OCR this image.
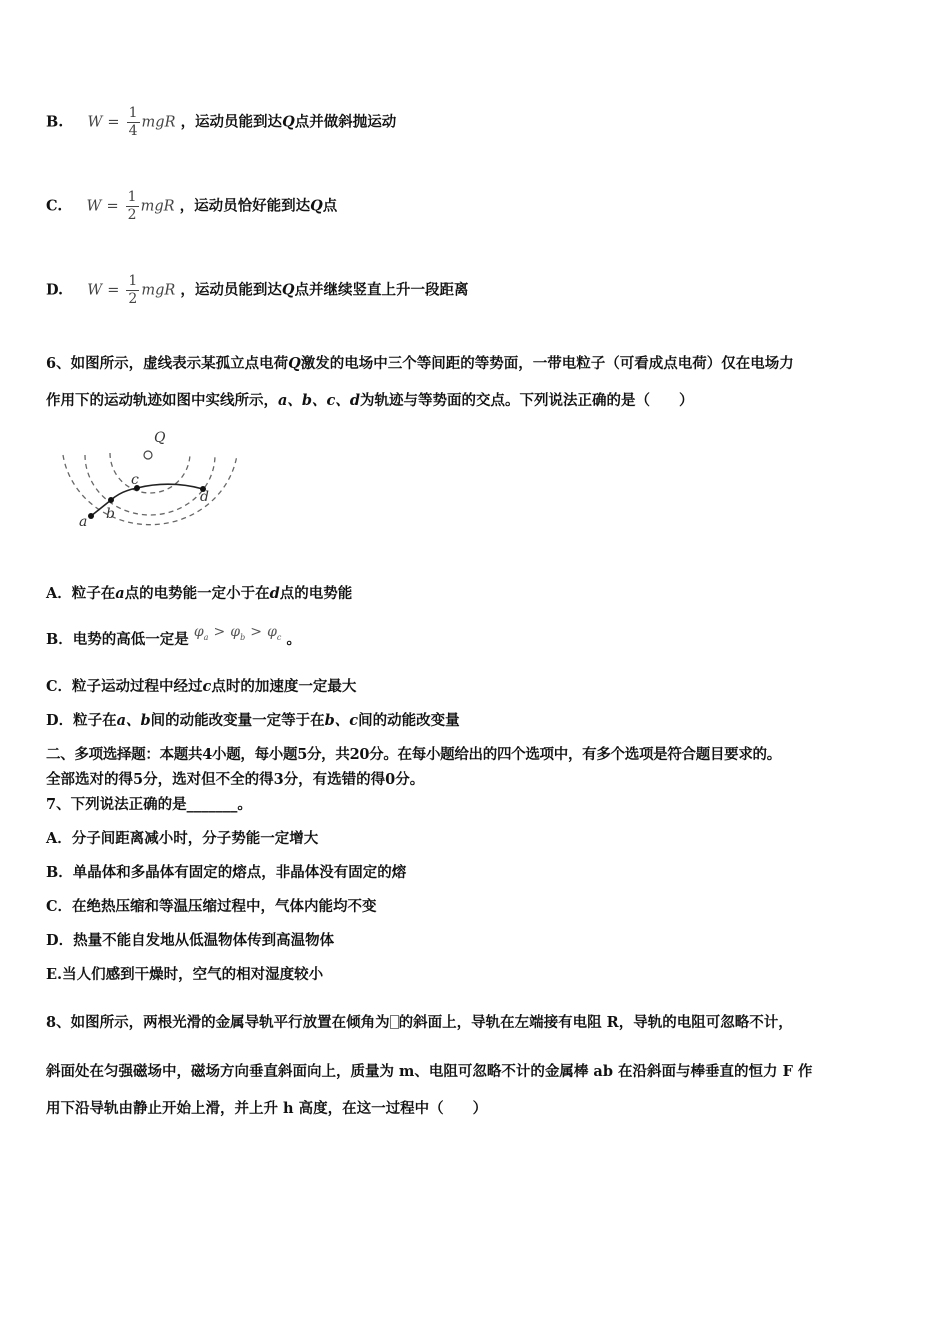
B. $W = \frac{1}{4}$ mgR ，运动员能到达Q点并做斜抛运动
C. $W = \frac{1}{2}$ mgR ，运动员恰好能到达Q点
D. $W = \frac{1}{2}$ mgR ，运动员能到达Q点并继续竖直上升一段距离
6、如图所示，虚线表示某孤立点电荷Q激发的电场中三个等间距的等势面，一带电粒子（可看成点电荷）仅在电场力
作用下的运动轨迹如图中实线所示，a、b、c、d为轨迹与等势面的交点。下列说法正确的是（　　）
Q
a b
c
d
A．粒子在a点的电势能一定小于在d点的电势能
B．电势的高低一定是 $\varphi_a > \varphi_b > \varphi_c$ 。
C．粒子运动过程中经过c点时的加速度一定最大
D．粒子在a、b间的动能改变量一定等于在b、c间的动能改变量
二、多项选择题：本题共4小题，每小题5分，共20分。在每小题给出的四个选项中，有多个选项是符合题目要求的。
全部选对的得5分，选对但不全的得3分，有选错的得0分。
7、下列说法正确的是_______。
A．分子间距离减小时，分子势能一定增大
B．单晶体和多晶体有固定的熔点，非晶体没有固定的熔
C．在绝热压缩和等温压缩过程中，气体内能均不变
D．热量不能自发地从低温物体传到高温物体
E.当人们感到干燥时，空气的相对湿度较小
8、如图所示，两根光滑的金属导轨平行放置在倾角为 的斜面上，导轨在左端接有电阻 R，导轨的电阻可忽略不计，
斜面处在匀强磁场中，磁场方向垂直斜面向上，质量为 m、电阻可忽略不计的金属棒 ab 在沿斜面与棒垂直的恒力 F 作
用下沿导轨由静止开始上滑，并上升 h 高度，在这一过程中（　　）
